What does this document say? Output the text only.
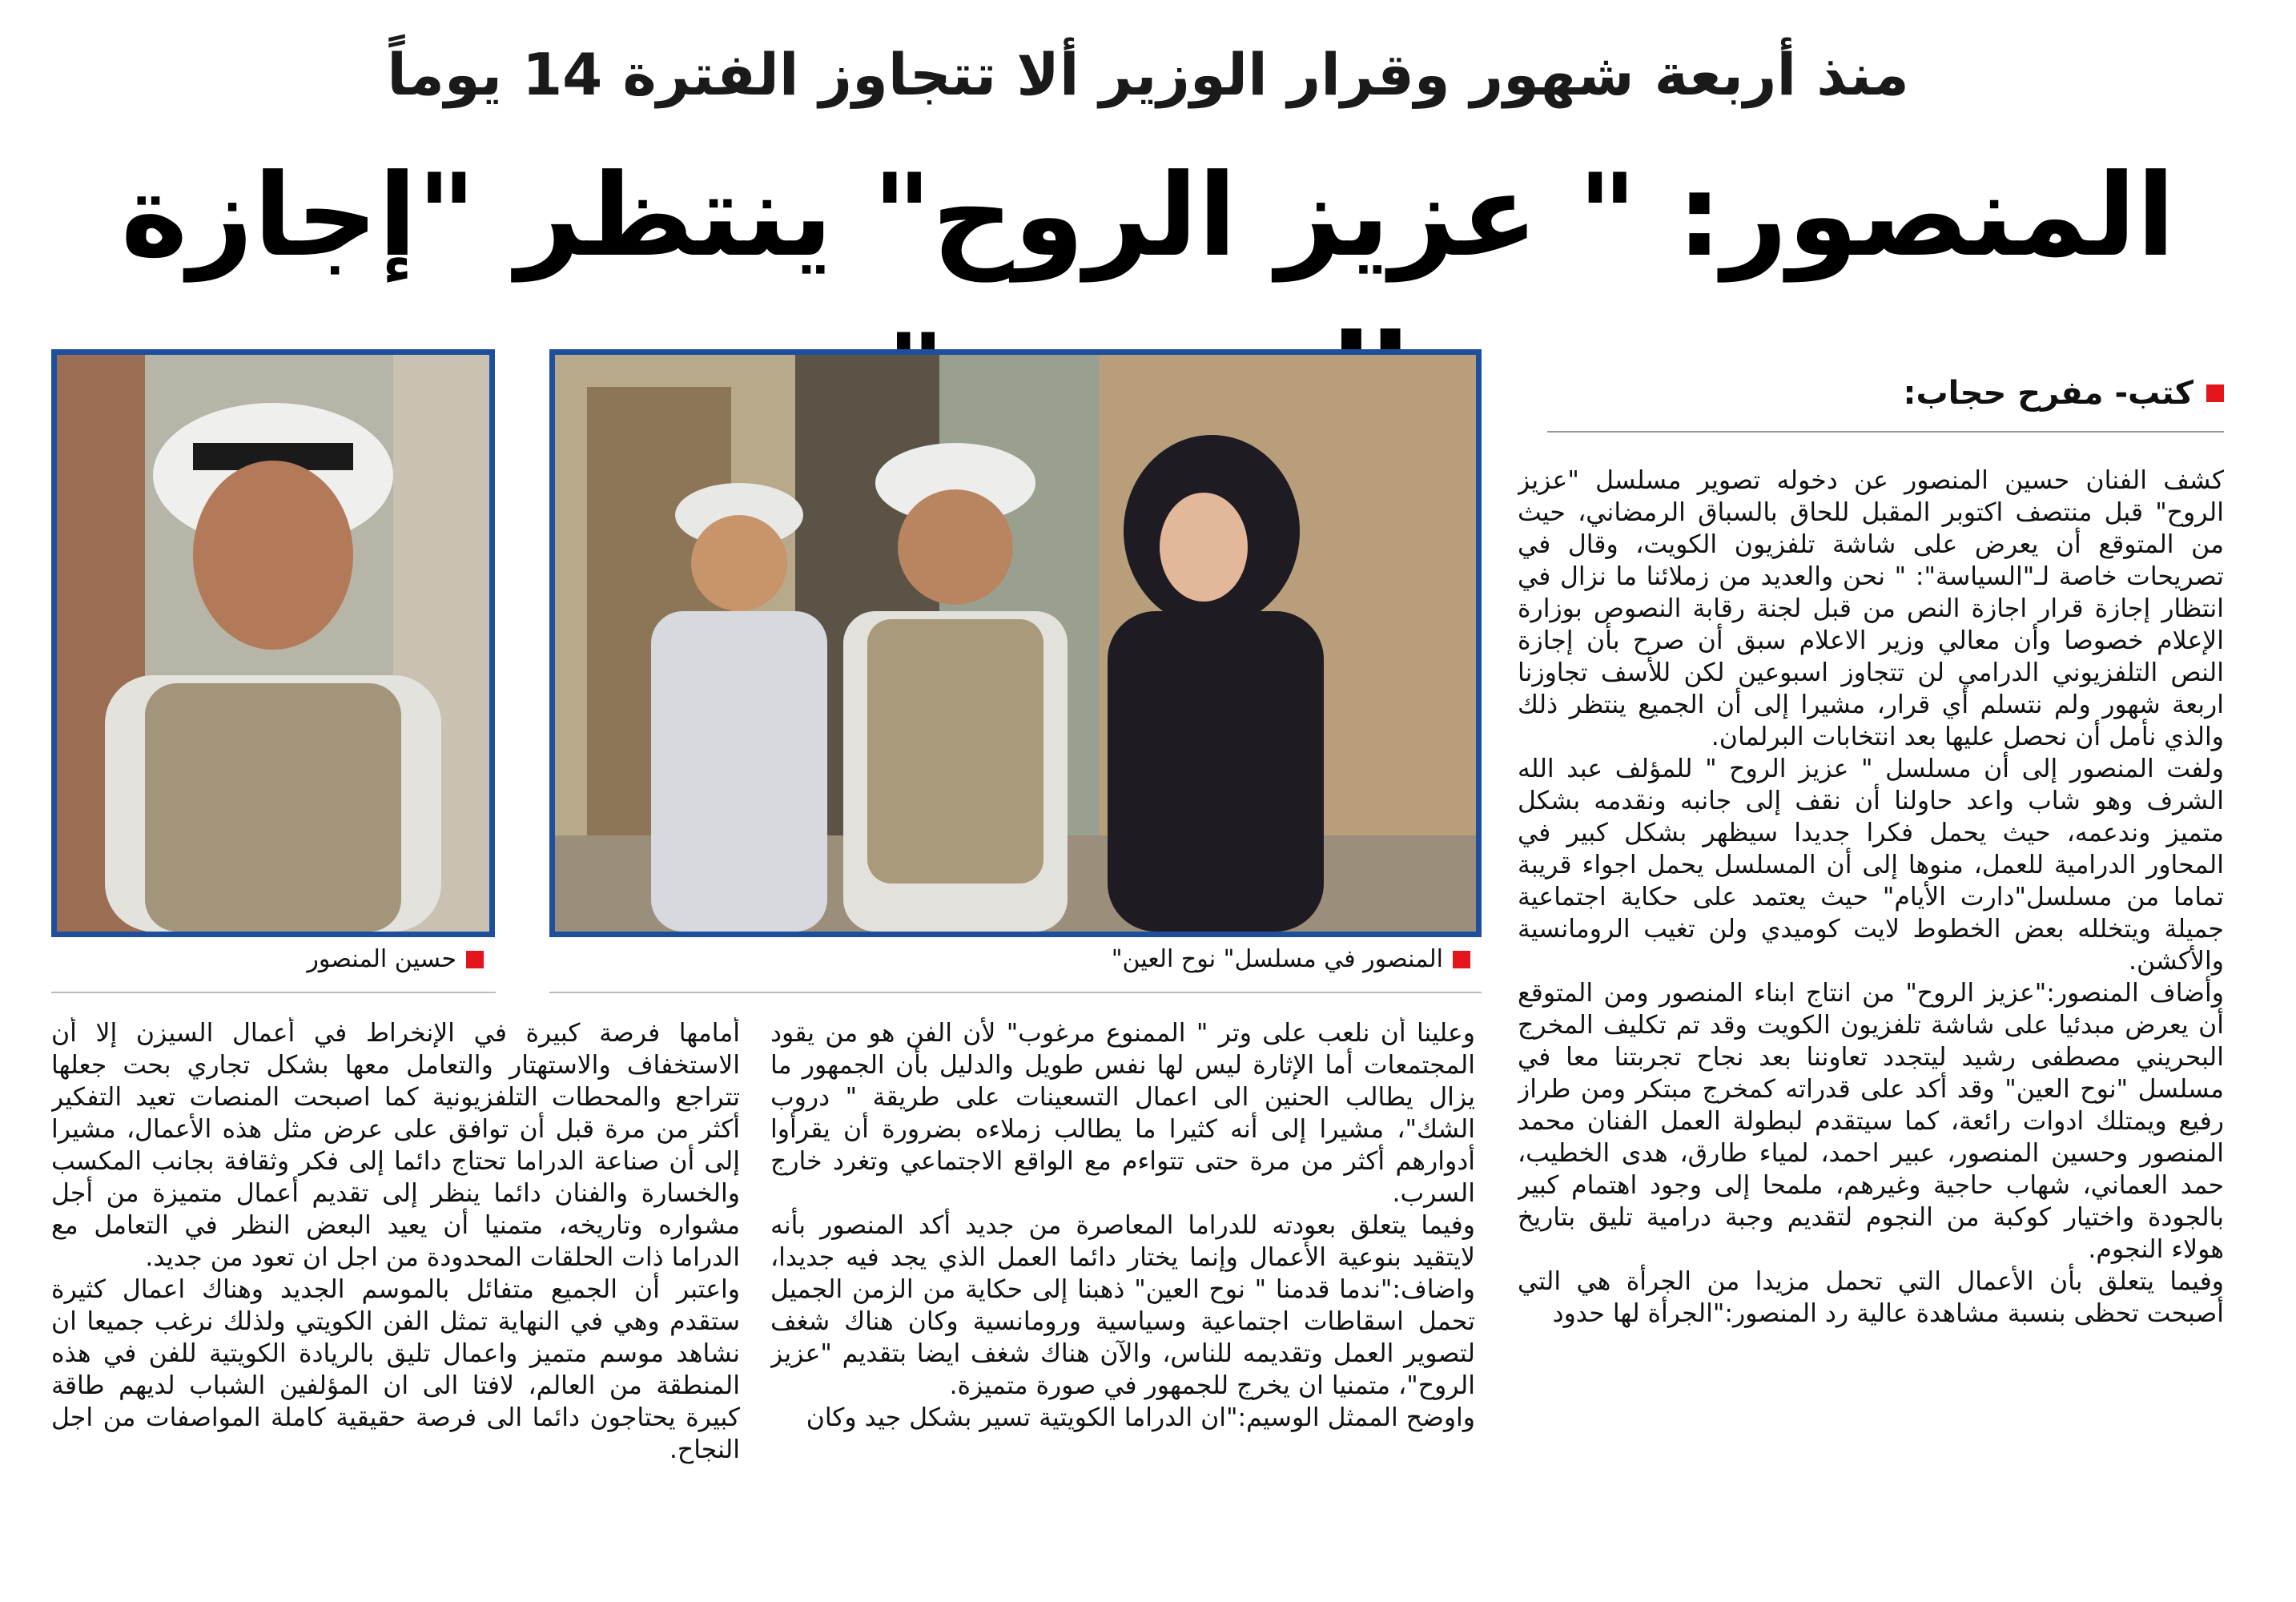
منذ أربعة شهور وقرار الوزير ألا تتجاوز الفترة 14 يوماً
المنصور: " عزيز الروح" ينتظر "إجازة
كتب- مفرح حجاب:
المنصور في مسلسل" نوح العين"
حسين المنصور
كشف الفنان حسين المنصور عن دخوله تصوير مسلسل "عزيز الروح" قبل منتصف اكتوبر المقبل للحاق بالسباق الرمضاني، حيث من المتوقع أن يعرض على شاشة تلفزيون الكويت، وقال في تصريحات خاصة لـ"السياسة": " نحن والعديد من زملائنا ما نزال في انتظار إجازة قرار اجازة النص من قبل لجنة رقابة النصوص بوزارة الإعلام خصوصا وأن معالي وزير الاعلام سبق أن صرح بأن إجازة النص التلفزيوني الدرامي لن تتجاوز اسبوعين لكن للأسف تجاوزنا اربعة شهور ولم نتسلم أي قرار، مشيرا إلى أن الجميع ينتظر ذلك والذي نأمل أن نحصل عليها بعد انتخابات البرلمان.
ولفت المنصور إلى أن مسلسل " عزيز الروح " للمؤلف عبد الله الشرف وهو شاب واعد حاولنا أن نقف إلى جانبه ونقدمه بشكل متميز وندعمه، حيث يحمل فكرا جديدا سيظهر بشكل كبير في المحاور الدرامية للعمل، منوها إلى أن المسلسل يحمل اجواء قريبة تماما من مسلسل"دارت الأيام" حيث يعتمد على حكاية اجتماعية جميلة ويتخلله بعض الخطوط لايت كوميدي ولن تغيب الرومانسية والأكشن.
وأضاف المنصور:"عزيز الروح" من انتاج ابناء المنصور ومن المتوقع أن يعرض مبدئيا على شاشة تلفزيون الكويت وقد تم تكليف المخرج البحريني مصطفى رشيد ليتجدد تعاوننا بعد نجاح تجربتنا معا في مسلسل "نوح العين" وقد أكد على قدراته كمخرج مبتكر ومن طراز رفيع ويمتلك ادوات رائعة، كما سيتقدم لبطولة العمل الفنان محمد المنصور وحسين المنصور، عبير احمد، لمياء طارق، هدى الخطيب، حمد العماني، شهاب حاجية وغيرهم، ملمحا إلى وجود اهتمام كبير بالجودة واختيار كوكبة من النجوم لتقديم وجبة درامية تليق بتاريخ هولاء النجوم.
وفيما يتعلق بأن الأعمال التي تحمل مزيدا من الجرأة هي التي أصبحت تحظى بنسبة مشاهدة عالية رد المنصور:"الجرأة لها حدود
وعلينا أن نلعب على وتر " الممنوع مرغوب" لأن الفن هو من يقود المجتمعات أما الإثارة ليس لها نفس طويل والدليل بأن الجمهور ما يزال يطالب الحنين الى اعمال التسعينات على طريقة " دروب الشك"، مشيرا إلى أنه كثيرا ما يطالب زملاءه بضرورة أن يقرأوا أدوارهم أكثر من مرة حتى تتواءم مع الواقع الاجتماعي وتغرد خارج السرب.
وفيما يتعلق بعودته للدراما المعاصرة من جديد أكد المنصور بأنه لايتقيد بنوعية الأعمال وإنما يختار دائما العمل الذي يجد فيه جديدا، واضاف:"ندما قدمنا " نوح العين" ذهبنا إلى حكاية من الزمن الجميل تحمل اسقاطات اجتماعية وسياسية ورومانسية وكان هناك شغف لتصوير العمل وتقديمه للناس، والآن هناك شغف ايضا بتقديم "عزيز الروح"، متمنيا ان يخرج للجمهور في صورة متميزة.
واوضح الممثل الوسيم:"ان الدراما الكويتية تسير بشكل جيد وكان
أمامها فرصة كبيرة في الإنخراط في أعمال السيزن إلا أن الاستخفاف والاستهتار والتعامل معها بشكل تجاري بحت جعلها تتراجع والمحطات التلفزيونية كما اصبحت المنصات تعيد التفكير أكثر من مرة قبل أن توافق على عرض مثل هذه الأعمال، مشيرا إلى أن صناعة الدراما تحتاج دائما إلى فكر وثقافة بجانب المكسب والخسارة والفنان دائما ينظر إلى تقديم أعمال متميزة من أجل مشواره وتاريخه، متمنيا أن يعيد البعض النظر في التعامل مع الدراما ذات الحلقات المحدودة من اجل ان تعود من جديد.
واعتبر أن الجميع متفائل بالموسم الجديد وهناك اعمال كثيرة ستقدم وهي في النهاية تمثل الفن الكويتي ولذلك نرغب جميعا ان نشاهد موسم متميز واعمال تليق بالريادة الكويتية للفن في هذه المنطقة من العالم، لافتا الى ان المؤلفين الشباب لديهم طاقة كبيرة يحتاجون دائما الى فرصة حقيقية كاملة المواصفات من اجل النجاح.
